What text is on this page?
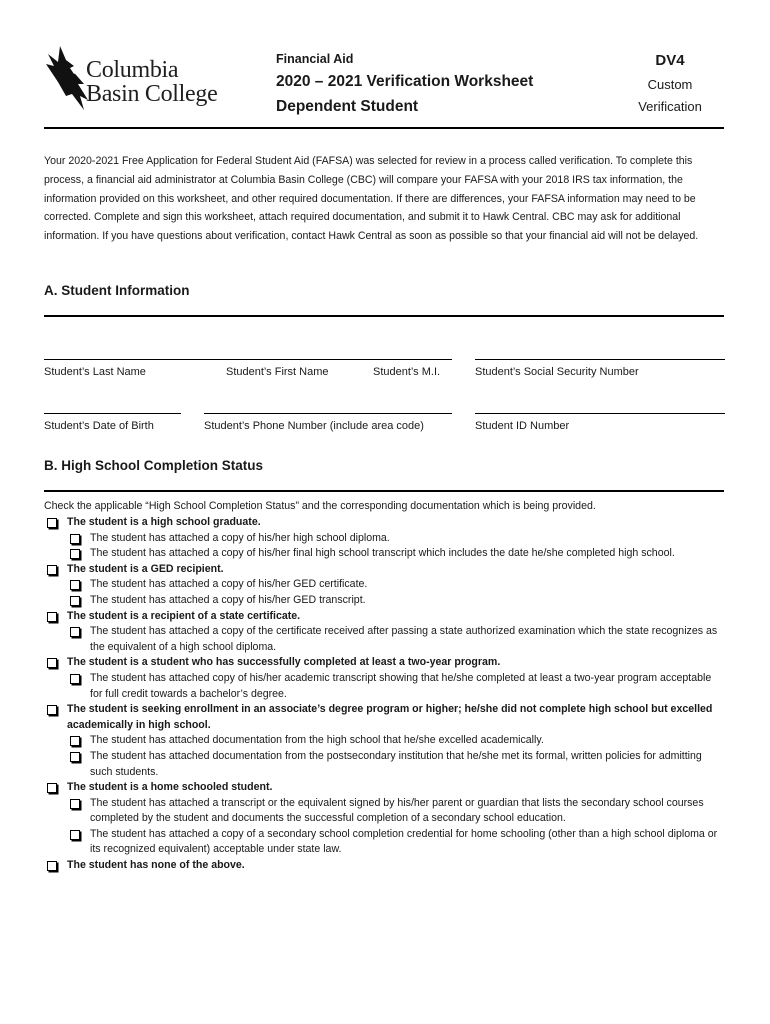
Columbia
Basin College
Financial Aid
2020 – 2021 Verification Worksheet
Dependent Student
DV4
Custom
Verification
Your 2020-2021 Free Application for Federal Student Aid (FAFSA) was selected for review in a process called verification. To complete this process, a financial aid administrator at Columbia Basin College (CBC) will compare your FAFSA with your 2018 IRS tax information, the information provided on this worksheet, and other required documentation. If there are differences, your FAFSA information may need to be corrected. Complete and sign this worksheet, attach required documentation, and submit it to Hawk Central. CBC may ask for additional information. If you have questions about verification, contact Hawk Central as soon as possible so that your financial aid will not be delayed.
A. Student Information
Student’s Last Name	Student’s First Name	Student’s M.I.	Student’s Social Security Number
Student’s Date of Birth	Student’s Phone Number (include area code)	Student ID Number
B. High School Completion Status
Check the applicable “High School Completion Status” and the corresponding documentation which is being provided.
The student is a high school graduate.
The student has attached a copy of his/her high school diploma.
The student has attached a copy of his/her final high school transcript which includes the date he/she completed high school.
The student is a GED recipient.
The student has attached a copy of his/her GED certificate.
The student has attached a copy of his/her GED transcript.
The student is a recipient of a state certificate.
The student has attached a copy of the certificate received after passing a state authorized examination which the state recognizes as the equivalent of a high school diploma.
The student is a student who has successfully completed at least a two-year program.
The student has attached copy of his/her academic transcript showing that he/she completed at least a two-year program acceptable for full credit towards a bachelor’s degree.
The student is seeking enrollment in an associate’s degree program or higher; he/she did not complete high school but excelled academically in high school.
The student has attached documentation from the high school that he/she excelled academically.
The student has attached documentation from the postsecondary institution that he/she met its formal, written policies for admitting such students.
The student is a home schooled student.
The student has attached a transcript or the equivalent signed by his/her parent or guardian that lists the secondary school courses completed by the student and documents the successful completion of a secondary school education.
The student has attached a copy of a secondary school completion credential for home schooling (other than a high school diploma or its recognized equivalent) acceptable under state law.
The student has none of the above.
